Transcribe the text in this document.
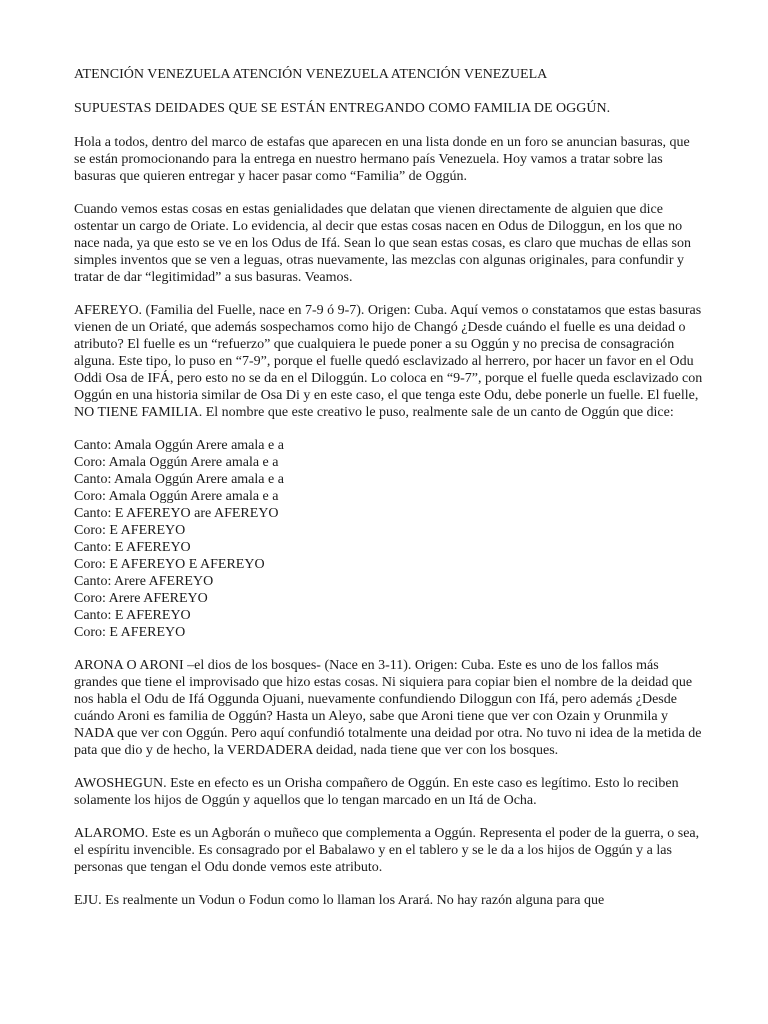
ATENCIÓN VENEZUELA ATENCIÓN VENEZUELA ATENCIÓN VENEZUELA

SUPUESTAS DEIDADES QUE SE ESTÁN ENTREGANDO COMO FAMILIA DE OGGÚN.

Hola a todos, dentro del marco de estafas que aparecen en una lista donde en un foro se anuncian basuras, que se están promocionando para la entrega en nuestro hermano país Venezuela. Hoy vamos a tratar sobre las basuras que quieren entregar y hacer pasar como “Familia” de Oggún.

Cuando vemos estas cosas en estas genialidades que delatan que vienen directamente de alguien que dice ostentar un cargo de Oriate. Lo evidencia, al decir que estas cosas nacen en Odus de Diloggun, en los que no nace nada, ya que esto se ve en los Odus de Ifá. Sean lo que sean estas cosas, es claro que muchas de ellas son simples inventos que se ven a leguas, otras nuevamente, las mezclas con algunas originales, para confundir y tratar de dar “legitimidad” a sus basuras. Veamos.

AFEREYO. (Familia del Fuelle, nace en 7-9 ó 9-7). Origen: Cuba. Aquí vemos o constatamos que estas basuras vienen de un Oriaté, que además sospechamos como hijo de Changó ¿Desde cuándo el fuelle es una deidad o atributo? El fuelle es un “refuerzo” que cualquiera le puede poner a su Oggún y no precisa de consagración alguna. Este tipo, lo puso en “7-9”, porque el fuelle quedó esclavizado al herrero, por hacer un favor en el Odu Oddi Osa de IFÁ, pero esto no se da en el Diloggún. Lo coloca en “9-7”, porque el fuelle queda esclavizado con Oggún en una historia similar de Osa Di y en este caso, el que tenga este Odu, debe ponerle un fuelle. El fuelle, NO TIENE FAMILIA. El nombre que este creativo le puso, realmente sale de un canto de Oggún que dice:

Canto: Amala Oggún Arere amala e a
Coro: Amala Oggún Arere amala e a
Canto: Amala Oggún Arere amala e a
Coro: Amala Oggún Arere amala e a
Canto: E AFEREYO are AFEREYO
Coro: E AFEREYO
Canto: E AFEREYO
Coro: E AFEREYO E AFEREYO
Canto: Arere AFEREYO
Coro: Arere AFEREYO
Canto: E AFEREYO
Coro: E AFEREYO

ARONA O ARONI –el dios de los bosques- (Nace en 3-11). Origen: Cuba. Este es uno de los fallos más grandes que tiene el improvisado que hizo estas cosas. Ni siquiera para copiar bien el nombre de la deidad que nos habla el Odu de Ifá Oggunda Ojuani, nuevamente confundiendo Diloggun con Ifá, pero además ¿Desde cuándo Aroni es familia de Oggún? Hasta un Aleyo, sabe que Aroni tiene que ver con Ozain y Orunmila y NADA que ver con Oggún. Pero aquí confundió totalmente una deidad por otra. No tuvo ni idea de la metida de pata que dio y de hecho, la VERDADERA deidad, nada tiene que ver con los bosques.

AWOSHEGUN. Este en efecto es un Orisha compañero de Oggún. En este caso es legítimo. Esto lo reciben solamente los hijos de Oggún y aquellos que lo tengan marcado en un Itá de Ocha.

ALAROMO. Este es un Agborán o muñeco que complementa a Oggún. Representa el poder de la guerra, o sea, el espíritu invencible. Es consagrado por el Babalawo y en el tablero y se le da a los hijos de Oggún y a las personas que tengan el Odu donde vemos este atributo.

EJU. Es realmente un Vodun o Fodun como lo llaman los Arará. No hay razón alguna para que
